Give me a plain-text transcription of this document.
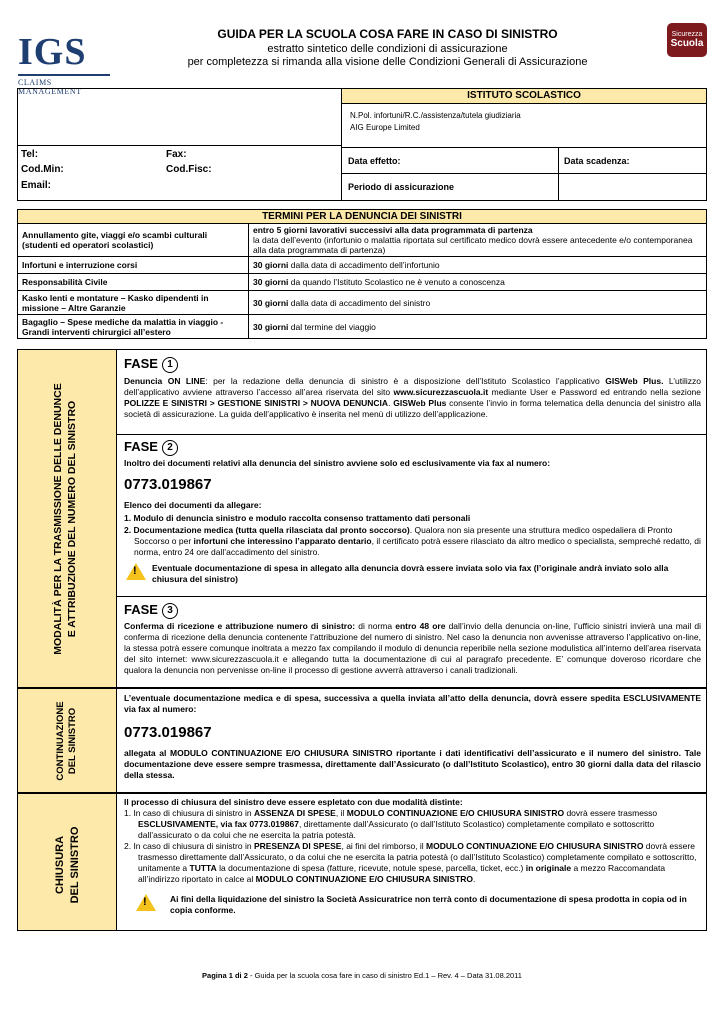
IGS
CLAIMS MANAGEMENT
GUIDA PER LA SCUOLA COSA FARE IN CASO DI SINISTRO
estratto sintetico delle condizioni di assicurazione
per completezza si rimanda alla visione delle Condizioni Generali di Assicurazione
Sicurezza
Scuola
ISTITUTO SCOLASTICO
N.Pol. infortuni/R.C./assistenza/tutela giudiziaria
AIG Europe Limited
Tel:	Fax:
Cod.Min:	Cod.Fisc:
Email:
Data effetto:	Data scadenza:
Periodo di assicurazione
TERMINI PER LA DENUNCIA DEI SINISTRI	
Annullamento gite, viaggi e/o scambi culturali (studenti ed operatori scolastici)	entro 5 giorni lavorativi successivi alla data programmata di partenza
la data dell’evento (infortunio o malattia riportata sul certificato medico dovrà essere antecedente e/o contemporanea alla data programmata di partenza)
Infortuni e interruzione corsi	30 giorni dalla data di accadimento dell’infortunio
Responsabilità Civile	30 giorni da quando l’Istituto Scolastico ne è venuto a conoscenza
Kasko lenti e montature – Kasko dipendenti in missione – Altre Garanzie	30 giorni dalla data di accadimento del sinistro
Bagaglio – Spese mediche da malattia in viaggio - Grandi interventi chirurgici all’estero	30 giorni dal termine del viaggio
MODALITÀ PER LA TRASMISSIONE DELLE DENUNCE E ATTRIBUZIONE DEL NUMERO DEL SINISTRO
FASE 1

Denuncia ON LINE: per la redazione della denuncia di sinistro è a disposizione dell’Istituto Scolastico l’applicativo GISWeb Plus. L’utilizzo dell’applicativo avviene attraverso l’accesso all’area riservata del sito www.sicurezzascuola.it mediante User e Password ed entrando nella sezione POLIZZE E SINISTRI > GESTIONE SINISTRI > NUOVA DENUNCIA. GISWeb Plus consente l’invio in forma telematica della denuncia del sinistro alla società di assicurazione. La guida dell’applicativo è inserita nel menù di utilizzo dell’applicazione.

FASE 2

Inoltro dei documenti relativi alla denuncia del sinistro avviene solo ed esclusivamente via fax al numero:

0773.019867

Elenco dei documenti da allegare:

1. Modulo di denuncia sinistro e modulo raccolta consenso trattamento dati personali

2. Documentazione medica (tutta quella rilasciata dal pronto soccorso). Qualora non sia presente una struttura medico ospedaliera di Pronto Soccorso o per infortuni che interessino l’apparato dentario, il certificato potrà essere rilasciato da altro medico o specialista, sempreché redatto, di norma, entro 24 ore dall’accadimento del sinistro.

! Eventuale documentazione di spesa in allegato alla denuncia dovrà essere inviata solo via fax (l’originale andrà inviato solo alla chiusura del sinistro)

FASE 3

Conferma di ricezione e attribuzione numero di sinistro: di norma entro 48 ore dall’invio della denuncia on-line, l’ufficio sinistri invierà una mail di conferma di ricezione della denuncia contenente l’attribuzione del numero di sinistro. Nel caso la denuncia non avvenisse attraverso l’applicativo on-line, la stessa potrà essere comunque inoltrata a mezzo fax compilando il modulo di denuncia reperibile nella sezione modulistica all’interno dell’area riservata del sito internet: www.sicurezzascuola.it e allegando tutta la documentazione di cui al paragrafo precedente. E’ comunque doveroso ricordare che qualora la denuncia non pervenisse on-line il processo di gestione avverrà attraverso i canali tradizionali.

CONTINUAZIONE DEL SINISTRO

L’eventuale documentazione medica e di spesa, successiva a quella inviata all’atto della denuncia, dovrà essere spedita ESCLUSIVAMENTE via fax al numero:

0773.019867

allegata al MODULO CONTINUAZIONE E/O CHIUSURA SINISTRO riportante i dati identificativi dell’assicurato e il numero del sinistro. Tale documentazione deve essere sempre trasmessa, direttamente dall’Assicurato (o dall’Istituto Scolastico), entro 30 giorni dalla data del rilascio della stessa.

CHIUSURA DEL SINISTRO

Il processo di chiusura del sinistro deve essere espletato con due modalità distinte:

1. In caso di chiusura di sinistro in ASSENZA DI SPESE, il MODULO CONTINUAZIONE E/O CHIUSURA SINISTRO dovrà essere trasmesso ESCLUSIVAMENTE, via fax 0773.019867, direttamente dall’Assicurato (o dall’Istituto Scolastico) completamente compilato e sottoscritto dall’assicurato o da colui che ne esercita la patria potestà.

2. In caso di chiusura di sinistro in PRESENZA DI SPESE, ai fini del rimborso, il MODULO CONTINUAZIONE E/O CHIUSURA SINISTRO dovrà essere trasmesso direttamente dall’Assicurato, o da colui che ne esercita la patria potestà (o dall’Istituto Scolastico) completamente compilato e sottoscritto, unitamente a TUTTA la documentazione di spesa (fatture, ricevute, notule spese, parcella, ticket, ecc.) in originale a mezzo Raccomandata all’indirizzo riportato in calce al MODULO CONTINUAZIONE E/O CHIUSURA SINISTRO.

!	Ai fini della liquidazione del sinistro la Società Assicuratrice non terrà conto di documentazione di spesa prodotta in copia od in copia conforme.

Pagina 1 di 2 - Guida per la scuola cosa fare in caso di sinistro Ed.1 – Rev. 4 – Data 31.08.2011
